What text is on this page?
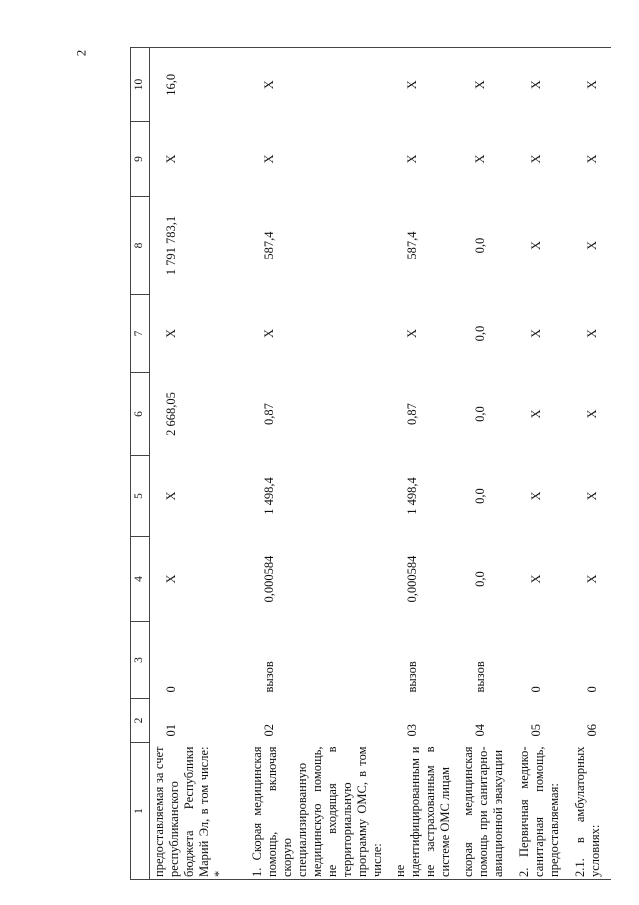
2
1	2	3	4	5	6	7	8	9	10
предоставляемая за счет республиканского бюджета Республики Марий Эл, в том числе: *	01	0	X	X	2 668,05	X	1 791 783,1	X	16,0
1. Скорая медицинская помощь, включая скорую специализированную медицинскую помощь, не входящая в территориальную программу ОМС, в том числе:	02	вызов	0,000584	1 498,4	0,87	X	587,4	X	X
не идентифицированным и не застрахованным в системе ОМС лицам	03	вызов	0,000584	1 498,4	0,87	X	587,4	X	X
скорая медицинская помощь при санитарно-авиационной эвакуации	04	вызов	0,0	0,0	0,0	0,0	0,0	X	X
2. Первичная медико-санитарная помощь, предоставляемая:	05	0	X	X	X	X	X	X	X
2.1. в амбулаторных условиях:	06	0	X	X	X	X	X	X	X
